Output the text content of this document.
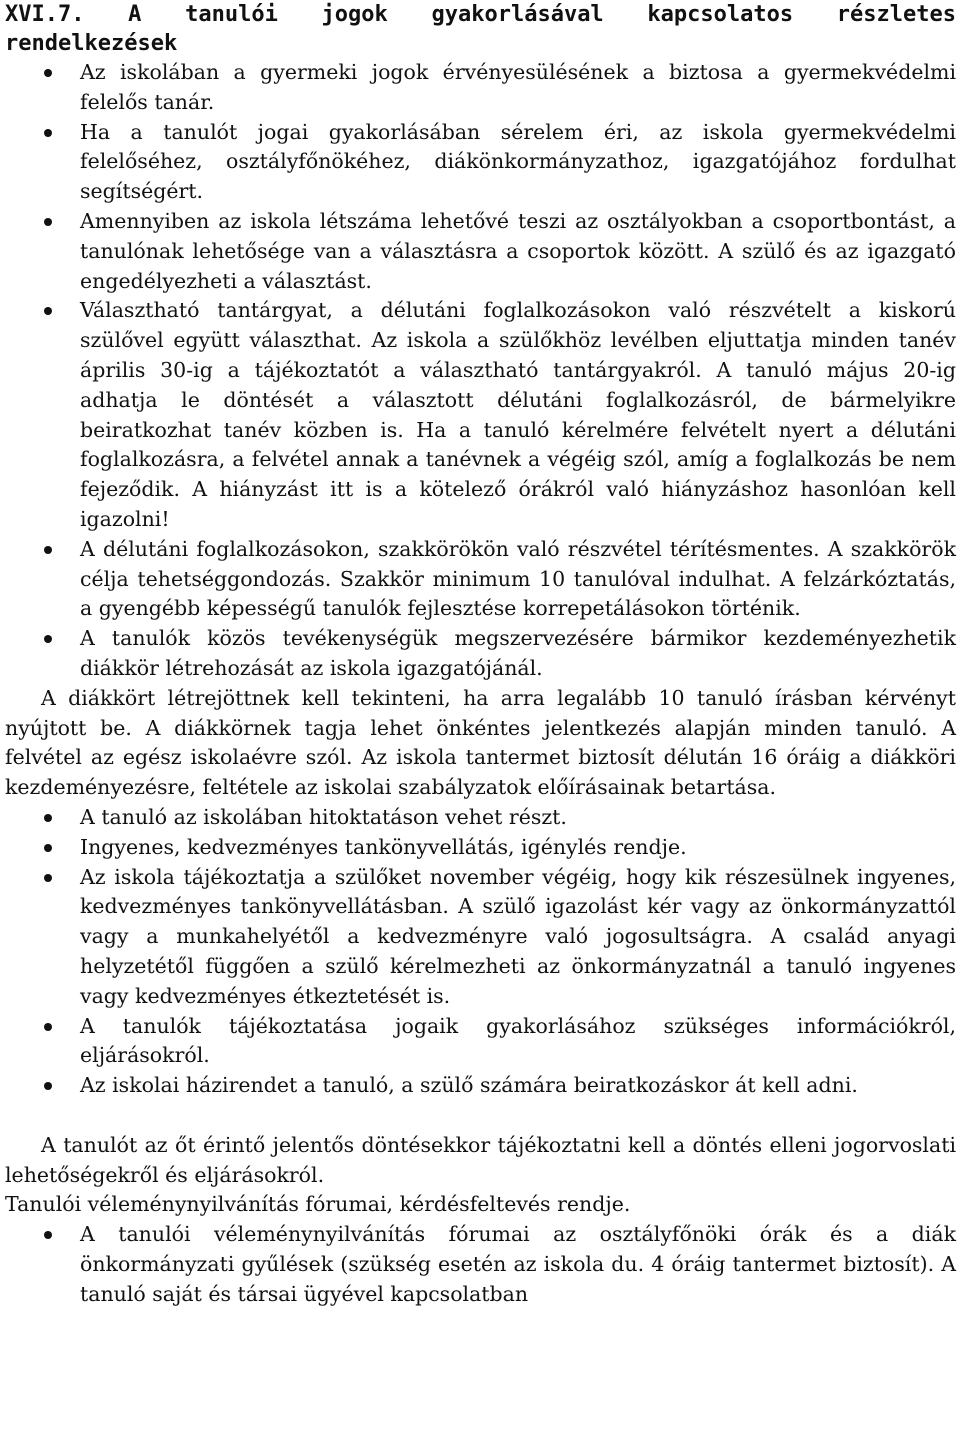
XVI.7. A tanulói jogok gyakorlásával kapcsolatos részletes rendelkezések
Az iskolában a gyermeki jogok érvényesülésének a biztosa a gyermekvédelmi felelős tanár.
Ha a tanulót jogai gyakorlásában sérelem éri, az iskola gyermekvédelmi felelőséhez, osztályfőnökéhez, diákönkormányzathoz, igazgatójához fordulhat segítségért.
Amennyiben az iskola létszáma lehetővé teszi az osztályokban a csoportbontást, a tanulónak lehetősége van a választásra a csoportok között. A szülő és az igazgató engedélyezheti a választást.
Választható tantárgyat, a délutáni foglalkozásokon való részvételt a kiskorú szülővel együtt választhat. Az iskola a szülőkhöz levélben eljuttatja minden tanév április 30-ig a tájékoztatót a választható tantárgyakról. A tanuló május 20-ig adhatja le döntését a választott délutáni foglalkozásról, de bármelyikre beiratkozhat tanév közben is. Ha a tanuló kérelmére felvételt nyert a délutáni foglalkozásra, a felvétel annak a tanévnek a végéig szól, amíg a foglalkozás be nem fejeződik. A hiányzást itt is a kötelező órákról való hiányzáshoz hasonlóan kell igazolni!
A délutáni foglalkozásokon, szakkörökön való részvétel térítésmentes. A szakkörök célja tehetséggondozás. Szakkör minimum 10 tanulóval indulhat. A felzárkóztatás, a gyengébb képességű tanulók fejlesztése korrepetálásokon történik.
A tanulók közös tevékenységük megszervezésére bármikor kezdeményezhetik diákkör létrehozását az iskola igazgatójánál.

A diákkört létrejöttnek kell tekinteni, ha arra legalább 10 tanuló írásban kérvényt nyújtott be. A diákkörnek tagja lehet önkéntes jelentkezés alapján minden tanuló. A felvétel az egész iskolaévre szól. Az iskola tantermet biztosít délután 16 óráig a diákköri kezdeményezésre, feltétele az iskolai szabályzatok előírásainak betartása.

A tanuló az iskolában hitoktatáson vehet részt.
Ingyenes, kedvezményes tankönyvellátás, igénylés rendje.
Az iskola tájékoztatja a szülőket november végéig, hogy kik részesülnek ingyenes, kedvezményes tankönyvellátásban. A szülő igazolást kér vagy az önkormányzattól vagy a munkahelyétől a kedvezményre való jogosultságra. A család anyagi helyzetétől függően a szülő kérelmezheti az önkormányzatnál a tanuló ingyenes vagy kedvezményes étkeztetését is.
A tanulók tájékoztatása jogaik gyakorlásához szükséges információkról, eljárásokról.
Az iskolai házirendet a tanuló, a szülő számára beiratkozáskor át kell adni.

A tanulót az őt érintő jelentős döntésekkor tájékoztatni kell a döntés elleni jogorvoslati lehetőségekről és eljárásokról.

Tanulói véleménynyilvánítás fórumai, kérdésfeltevés rendje.

A tanulói véleménynyilvánítás fórumai az osztályfőnöki órák és a diák önkormányzati gyűlések (szükség esetén az iskola du. 4 óráig tantermet biztosít). A tanuló saját és társai ügyével kapcsolatban
